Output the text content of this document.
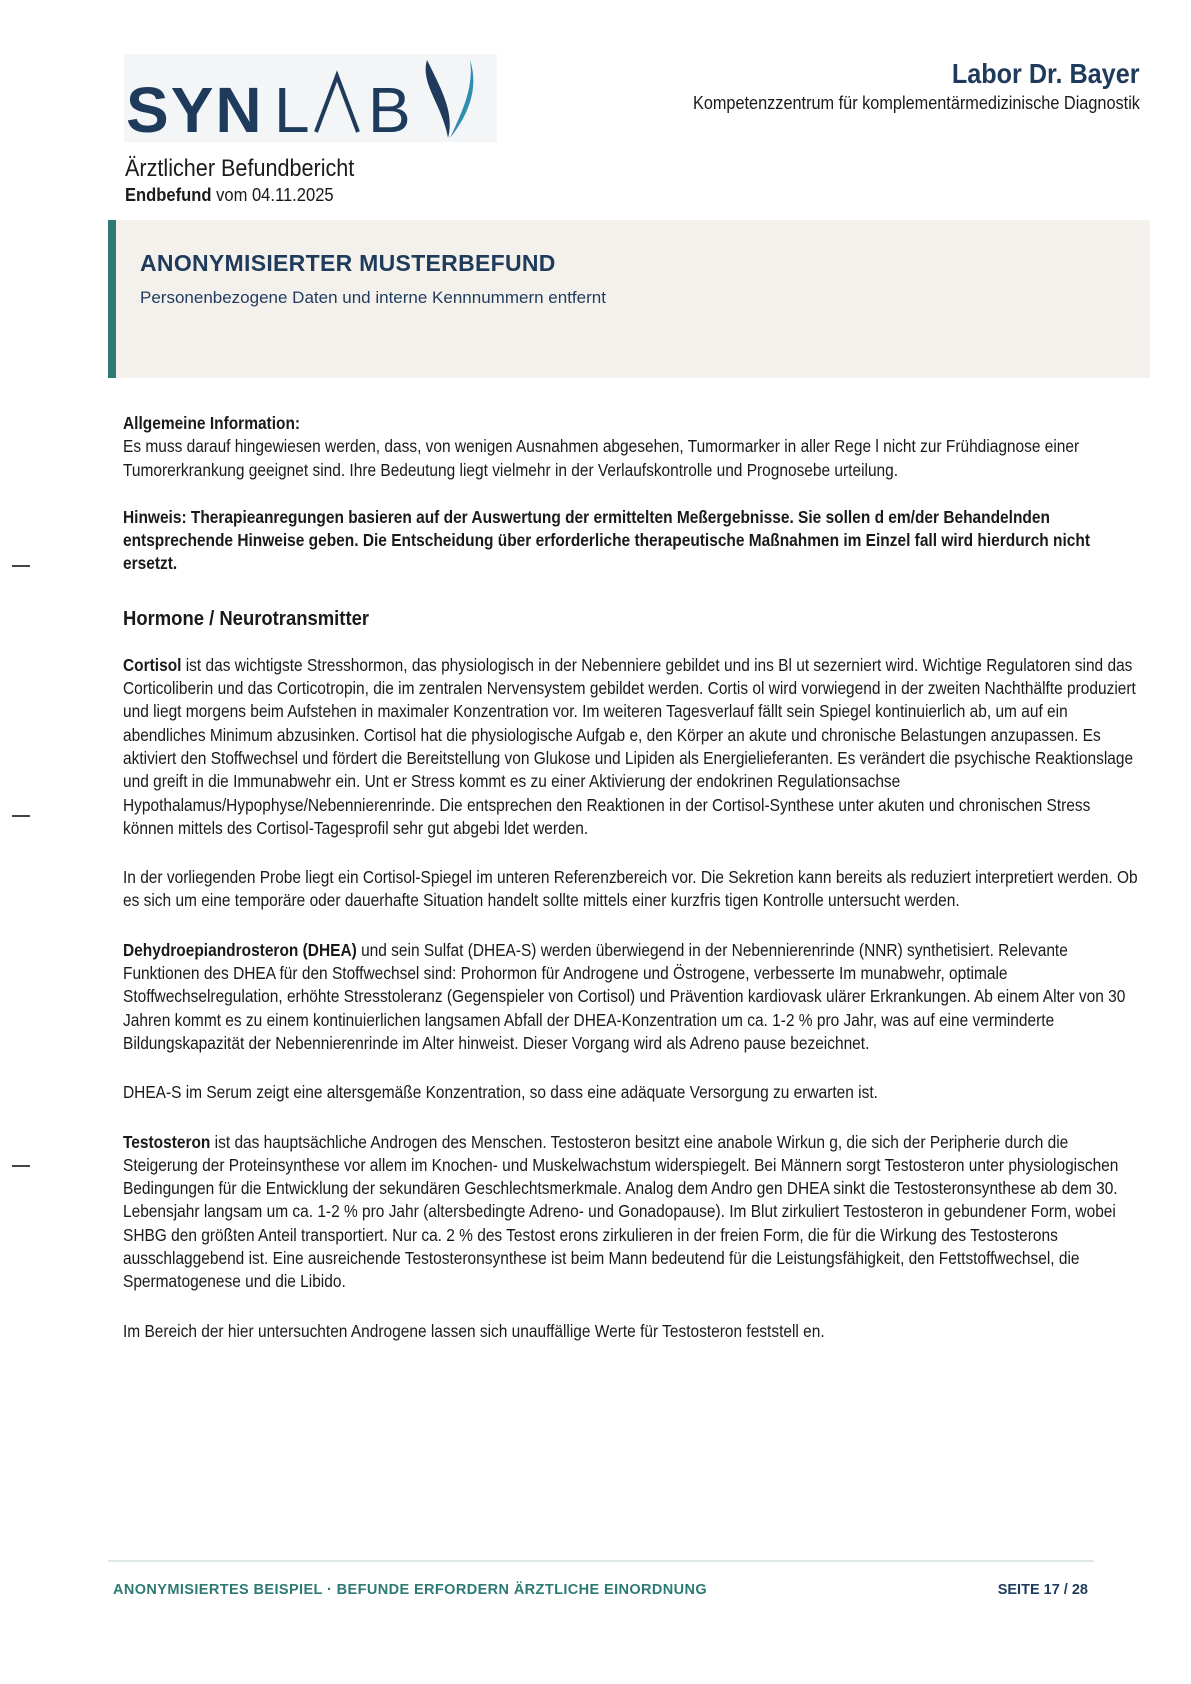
SYN L B
Labor Dr. Bayer
Kompetenzzentrum für komplementärmedizinische Diagnostik
Ärztlicher Befundbericht
Endbefund vom 04.11.2025
ANONYMISIERTER MUSTERBEFUND
Personenbezogene Daten und interne Kennnummern entfernt

Allgemeine Information:
Es muss darauf hingewiesen werden, dass, von wenigen Ausnahmen abgesehen, Tumormarker in aller Rege l nicht zur Frühdiagnose einer Tumorerkrankung geeignet sind. Ihre Bedeutung liegt vielmehr in der Verlaufskontrolle und Prognosebe urteilung.

Hinweis: Therapieanregungen basieren auf der Auswertung der ermittelten Meßergebnisse. Sie sollen d em/der Behandelnden entsprechende Hinweise geben. Die Entscheidung über erforderliche therapeutische Maßnahmen im Einzel fall wird hierdurch nicht ersetzt.

Hormone / Neurotransmitter

Cortisol ist das wichtigste Stresshormon, das physiologisch in der Nebenniere gebildet und ins Bl ut sezerniert wird. Wichtige Regulatoren sind das Corticoliberin und das Corticotropin, die im zentralen Nervensystem gebildet werden. Cortis ol wird vorwiegend in der zweiten Nachthälfte produziert und liegt morgens beim Aufstehen in maximaler Konzentration vor. Im weiteren Tagesverlauf fällt sein Spiegel kontinuierlich ab, um auf ein abendliches Minimum abzusinken. Cortisol hat die physiologische Aufgab e, den Körper an akute und chronische Belastungen anzupassen. Es aktiviert den Stoffwechsel und fördert die Bereitstellung von Glukose und Lipiden als Energielieferanten. Es verändert die psychische Reaktionslage und greift in die Immunabwehr ein. Unt er Stress kommt es zu einer Aktivierung der endokrinen Regulationsachse Hypothalamus/Hypophyse/Nebennierenrinde. Die entsprechen den Reaktionen in der Cortisol-Synthese unter akuten und chronischen Stress können mittels des Cortisol-Tagesprofil sehr gut abgebi ldet werden.

In der vorliegenden Probe liegt ein Cortisol-Spiegel im unteren Referenzbereich vor. Die Sekretion kann bereits als reduziert interpretiert werden. Ob es sich um eine temporäre oder dauerhafte Situation handelt sollte mittels einer kurzfris tigen Kontrolle untersucht werden.

Dehydroepiandrosteron (DHEA) und sein Sulfat (DHEA-S) werden überwiegend in der Nebennierenrinde (NNR) synthetisiert. Relevante Funktionen des DHEA für den Stoffwechsel sind: Prohormon für Androgene und Östrogene, verbesserte Im munabwehr, optimale Stoffwechselregulation, erhöhte Stresstoleranz (Gegenspieler von Cortisol) und Prävention kardiovask ulärer Erkrankungen. Ab einem Alter von 30 Jahren kommt es zu einem kontinuierlichen langsamen Abfall der DHEA-Konzentration um ca. 1-2 % pro Jahr, was auf eine verminderte Bildungskapazität der Nebennierenrinde im Alter hinweist. Dieser Vorgang wird als Adreno pause bezeichnet.

DHEA-S im Serum zeigt eine altersgemäße Konzentration, so dass eine adäquate Versorgung zu erwarten ist.

Testosteron ist das hauptsächliche Androgen des Menschen. Testosteron besitzt eine anabole Wirkun g, die sich der Peripherie durch die Steigerung der Proteinsynthese vor allem im Knochen- und Muskelwachstum widerspiegelt. Bei Männern sorgt Testosteron unter physiologischen Bedingungen für die Entwicklung der sekundären Geschlechtsmerkmale. Analog dem Andro gen DHEA sinkt die Testosteronsynthese ab dem 30. Lebensjahr langsam um ca. 1-2 % pro Jahr (altersbedingte Adreno- und Gonadopause). Im Blut zirkuliert Testosteron in gebundener Form, wobei SHBG den größten Anteil transportiert. Nur ca. 2 % des Testost erons zirkulieren in der freien Form, die für die Wirkung des Testosterons ausschlaggebend ist. Eine ausreichende Testosteronsynthese ist beim Mann bedeutend für die Leistungsfähigkeit, den Fettstoffwechsel, die Spermatogenese und die Libido.

Im Bereich der hier untersuchten Androgene lassen sich unauffällige Werte für Testosteron feststell en.

ANONYMISIERTES BEISPIEL · BEFUNDE ERFORDERN ÄRZTLICHE EINORDNUNG	SEITE 17 / 28
